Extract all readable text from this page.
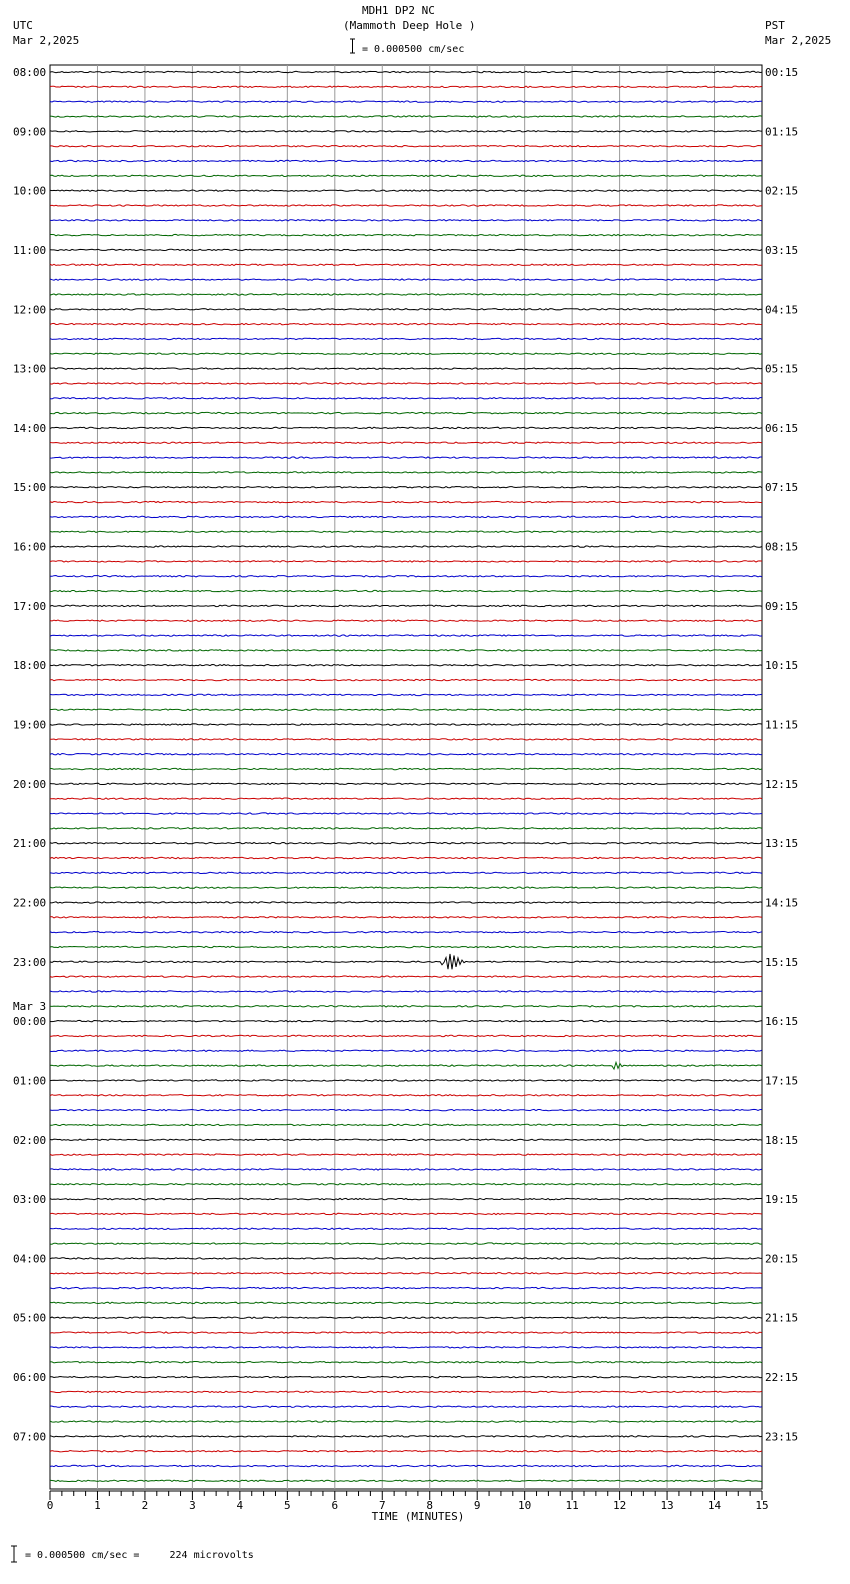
MDH1 DP2 NC
(Mammoth Deep Hole )
UTC
Mar 2,2025
PST
Mar 2,2025
= 0.000500 cm/sec
08:00	00:15
09:00	01:15
10:00	02:15
11:00	03:15
12:00	04:15
13:00	05:15
14:00	06:15
15:00	07:15
16:00	08:15
17:00	09:15
18:00	10:15
19:00	11:15
20:00	12:15
21:00	13:15
22:00	14:15
23:00	15:15
00:00	16:15
01:00	17:15
02:00	18:15
03:00	19:15
04:00	20:15
05:00	21:15
06:00	22:15
07:00	23:15
Mar 3
0	1	2	3	4	5	6	7	8	9	10	11	12	13	14	15
TIME (MINUTES)
= 0.000500 cm/sec =     224 microvolts
